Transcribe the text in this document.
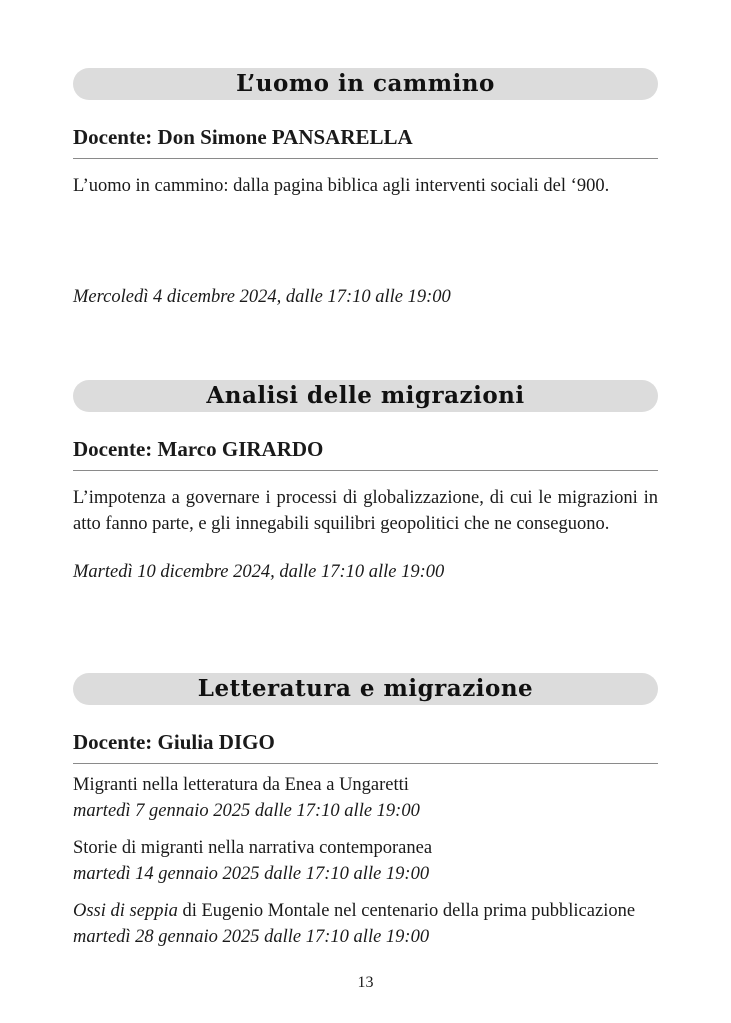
L’uomo in cammino
Docente: Don Simone PANSARELLA
L’uomo in cammino: dalla pagina biblica agli interventi sociali del ‘900.
Mercoledì 4 dicembre 2024, dalle 17:10 alle 19:00
Analisi delle migrazioni
Docente: Marco GIRARDO
L’impotenza a governare i processi di globalizzazione, di cui le migrazioni in atto fanno parte, e gli innegabili squilibri geopolitici che ne conseguono.
Martedì 10 dicembre 2024, dalle 17:10 alle 19:00
Letteratura e migrazione
Docente: Giulia DIGO
Migranti nella letteratura da Enea a Ungaretti
martedì 7 gennaio 2025 dalle 17:10 alle 19:00
Storie di migranti nella narrativa contemporanea
martedì 14 gennaio 2025 dalle 17:10 alle 19:00
Ossi di seppia di Eugenio Montale nel centenario della prima pubblicazione
martedì 28 gennaio 2025 dalle 17:10 alle 19:00
13
